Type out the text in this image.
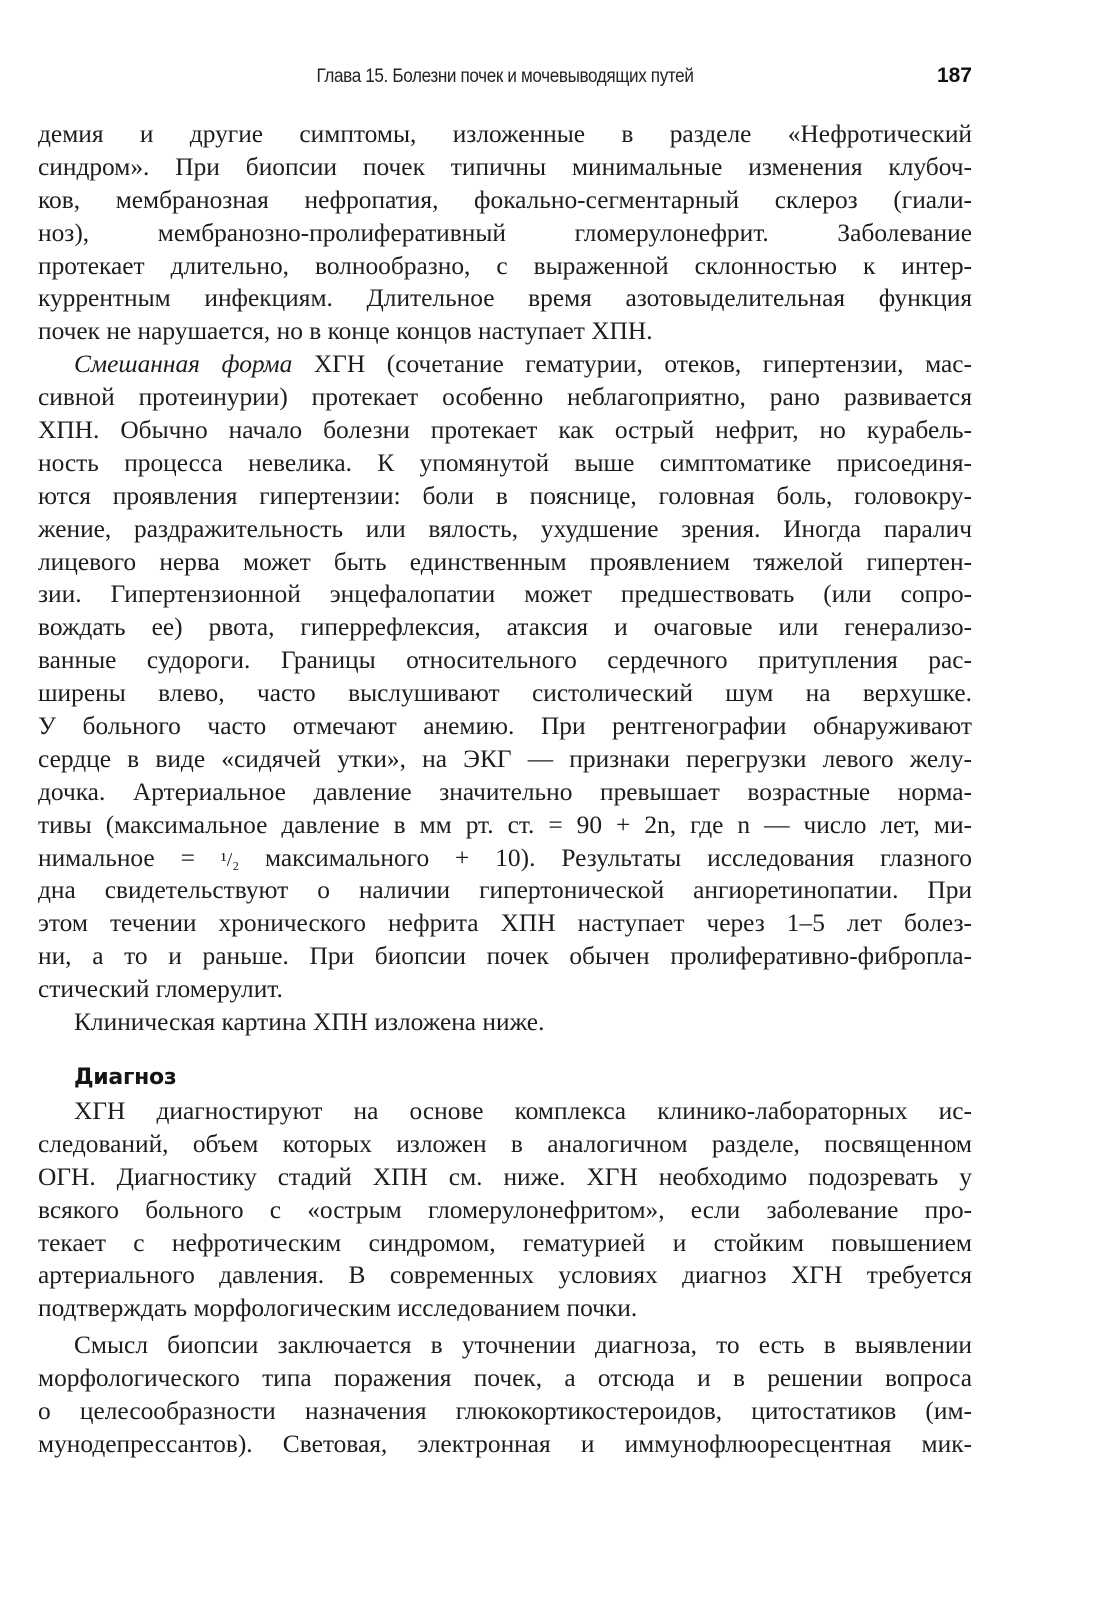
Глава 15. Болезни почек и мочевыводящих путей	187
демия и другие симптомы, изложенные в разделе «Нефротический
синдром». При биопсии почек типичны минимальные изменения клубоч-
ков, мембранозная нефропатия, фокально-сегментарный склероз (гиали-
ноз), мембранозно-пролиферативный гломерулонефрит. Заболевание
протекает длительно, волнообразно, с выраженной склонностью к интер-
куррентным инфекциям. Длительное время азотовыделительная функция
почек не нарушается, но в конце концов наступает ХПН.
Смешанная форма ХГН (сочетание гематурии, отеков, гипертензии, мас-
сивной протеинурии) протекает особенно неблагоприятно, рано развивается
ХПН. Обычно начало болезни протекает как острый нефрит, но курабель-
ность процесса невелика. К упомянутой выше симптоматике присоединя-
ются проявления гипертензии: боли в пояснице, головная боль, головокру-
жение, раздражительность или вялость, ухудшение зрения. Иногда паралич
лицевого нерва может быть единственным проявлением тяжелой гипертен-
зии. Гипертензионной энцефалопатии может предшествовать (или сопро-
вождать ее) рвота, гиперрефлексия, атаксия и очаговые или генерализо-
ванные судороги. Границы относительного сердечного притупления рас-
ширены влево, часто выслушивают систолический шум на верхушке.
У больного часто отмечают анемию. При рентгенографии обнаруживают
сердце в виде «сидячей утки», на ЭКГ — признаки перегрузки левого желу-
дочка. Артериальное давление значительно превышает возрастные норма-
тивы (максимальное давление в мм рт. ст. = 90 + 2n, где n — число лет, ми-
нимальное = ¹/₂ максимального + 10). Результаты исследования глазного
дна свидетельствуют о наличии гипертонической ангиоретинопатии. При
этом течении хронического нефрита ХПН наступает через 1–5 лет болез-
ни, а то и раньше. При биопсии почек обычен пролиферативно-фибропла-
стический гломерулит.
Клиническая картина ХПН изложена ниже.
Диагноз
ХГН диагностируют на основе комплекса клинико-лабораторных ис-
следований, объем которых изложен в аналогичном разделе, посвященном
ОГН. Диагностику стадий ХПН см. ниже. ХГН необходимо подозревать у
всякого больного с «острым гломерулонефритом», если заболевание про-
текает с нефротическим синдромом, гематурией и стойким повышением
артериального давления. В современных условиях диагноз ХГН требуется
подтверждать морфологическим исследованием почки.
Смысл биопсии заключается в уточнении диагноза, то есть в выявлении
морфологического типа поражения почек, а отсюда и в решении вопроса
о целесообразности назначения глюкокортикостероидов, цитостатиков (им-
мунодепрессантов). Световая, электронная и иммунофлюоресцентная мик-
